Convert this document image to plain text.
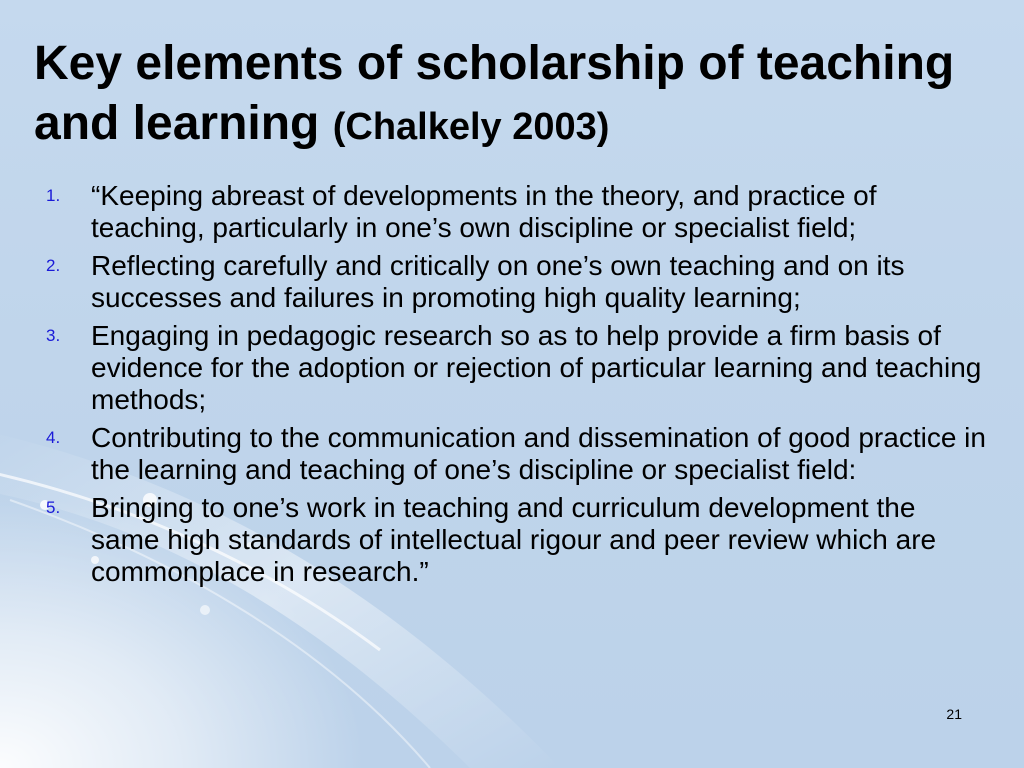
Key elements of scholarship of teaching and learning (Chalkely 2003)
1. “Keeping abreast of developments in the theory, and practice of teaching, particularly in one’s own discipline or specialist field;
2. Reflecting carefully and critically on one’s own teaching and on its successes and failures in promoting high quality learning;
3. Engaging in pedagogic research so as to help provide a firm basis of evidence for the adoption or rejection of particular learning and teaching methods;
4. Contributing to the communication and dissemination of good practice in the learning and teaching of one’s discipline or specialist field:
5. Bringing to one’s work in teaching and curriculum development the same high standards of intellectual rigour and peer review which are commonplace in research.”
21
